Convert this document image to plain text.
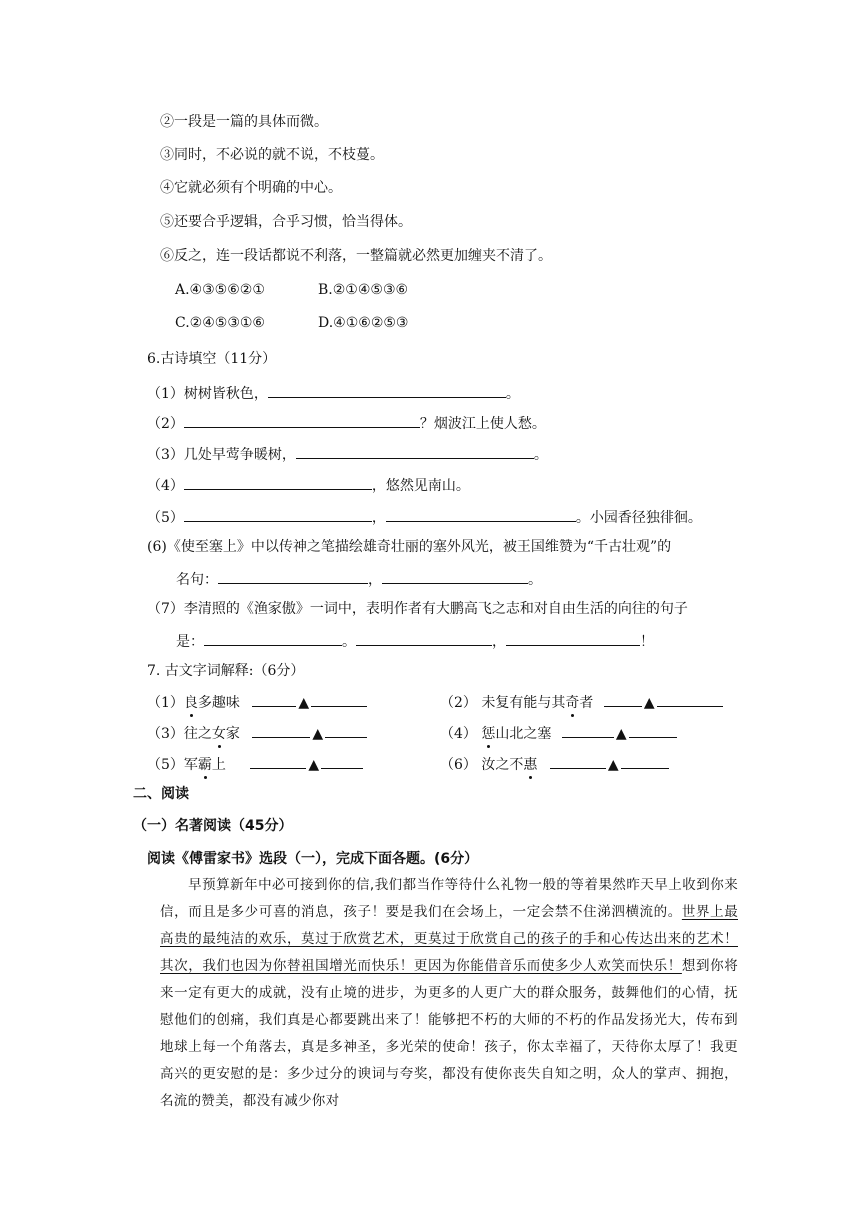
②一段是一篇的具体而微。
③同时，不必说的就不说，不枝蔓。
④它就必须有个明确的中心。
⑤还要合乎逻辑，合乎习惯，恰当得体。
⑥反之，连一段话都说不利落，一整篇就必然更加缠夹不清了。
A.④③⑤⑥②①	B.②①④⑤③⑥
C.②④⑤③①⑥	D.④①⑥②⑤③
6.古诗填空（11分）
（1）树树皆秋色，	。
（2）	？烟波江上使人愁。
（3）几处早莺争暖树，	。
（4）	，悠然见南山。
（5）	，	。小园香径独徘徊。
(6)《使至塞上》中以传神之笔描绘雄奇壮丽的塞外风光，被王国维赞为“千古壮观”的
名句：	，	。
（7）李清照的《渔家傲》一词中，表明作者有大鹏高飞之志和对自由生活的向往的句子
是：	。	，	！
7. 古文字词解释:（6分）
（1）良多趣味	▲	（2） 未复有能与其奇者	▲
（3）往之女家	▲	（4） 惩山北之塞	▲
（5）军霸上	▲	（6） 汝之不惠	▲
二、阅读
（一）名著阅读（45分）
阅读《傅雷家书》选段（一），完成下面各题。(6分）
早预算新年中必可接到你的信,我们都当作等待什么礼物一般的等着果然昨天早上收到你来信，而且是多少可喜的消息，孩子！要是我们在会场上，一定会禁不住涕泗横流的。世界上最高贵的最纯洁的欢乐，莫过于欣赏艺术，更莫过于欣赏自己的孩子的手和心传达出来的艺术！其次，我们也因为你替祖国增光而快乐！更因为你能借音乐而使多少人欢笑而快乐！想到你将来一定有更大的成就，没有止境的进步，为更多的人更广大的群众服务，鼓舞他们的心情，抚慰他们的创痛，我们真是心都要跳出来了！能够把不朽的大师的不朽的作品发扬光大，传布到地球上每一个角落去，真是多神圣，多光荣的使命！孩子，你太幸福了，天待你太厚了！我更高兴的更安慰的是：多少过分的谀词与夸奖，都没有使你丧失自知之明，众人的掌声、拥抱，名流的赞美，都没有减少你对
